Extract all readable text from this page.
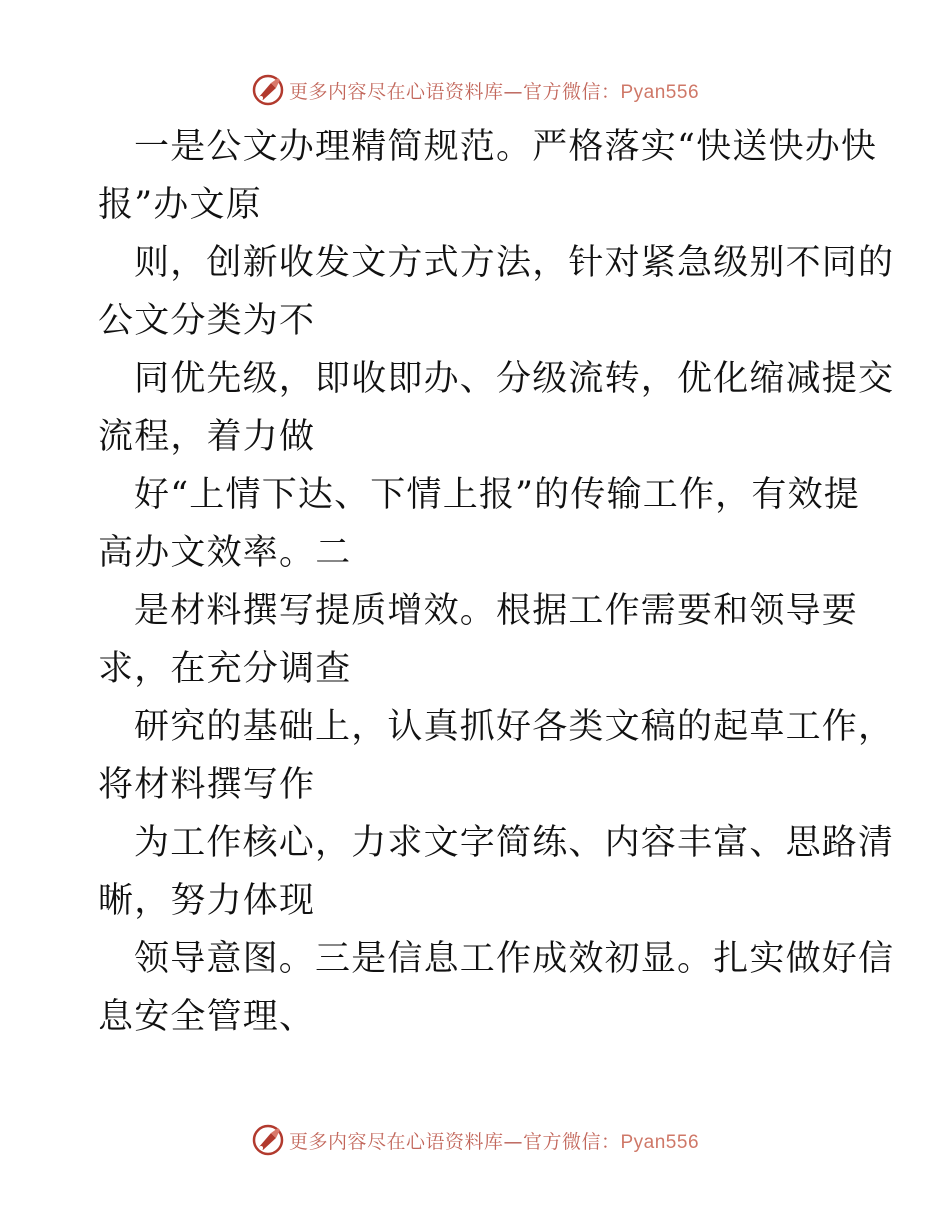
更多内容尽在心语资料库—官方微信：Pyan556
一是公文办理精简规范。严格落实“快送快办快
报”办文原
则，创新收发文方式方法，针对紧急级别不同的
公文分类为不
同优先级，即收即办、分级流转，优化缩减提交
流程，着力做
好“上情下达、下情上报”的传输工作，有效提
高办文效率。二
是材料撰写提质增效。根据工作需要和领导要
求，在充分调查
研究的基础上，认真抓好各类文稿的起草工作，
将材料撰写作
为工作核心，力求文字简练、内容丰富、思路清
晰，努力体现
领导意图。三是信息工作成效初显。扎实做好信
息安全管理、
更多内容尽在心语资料库—官方微信：Pyan556
